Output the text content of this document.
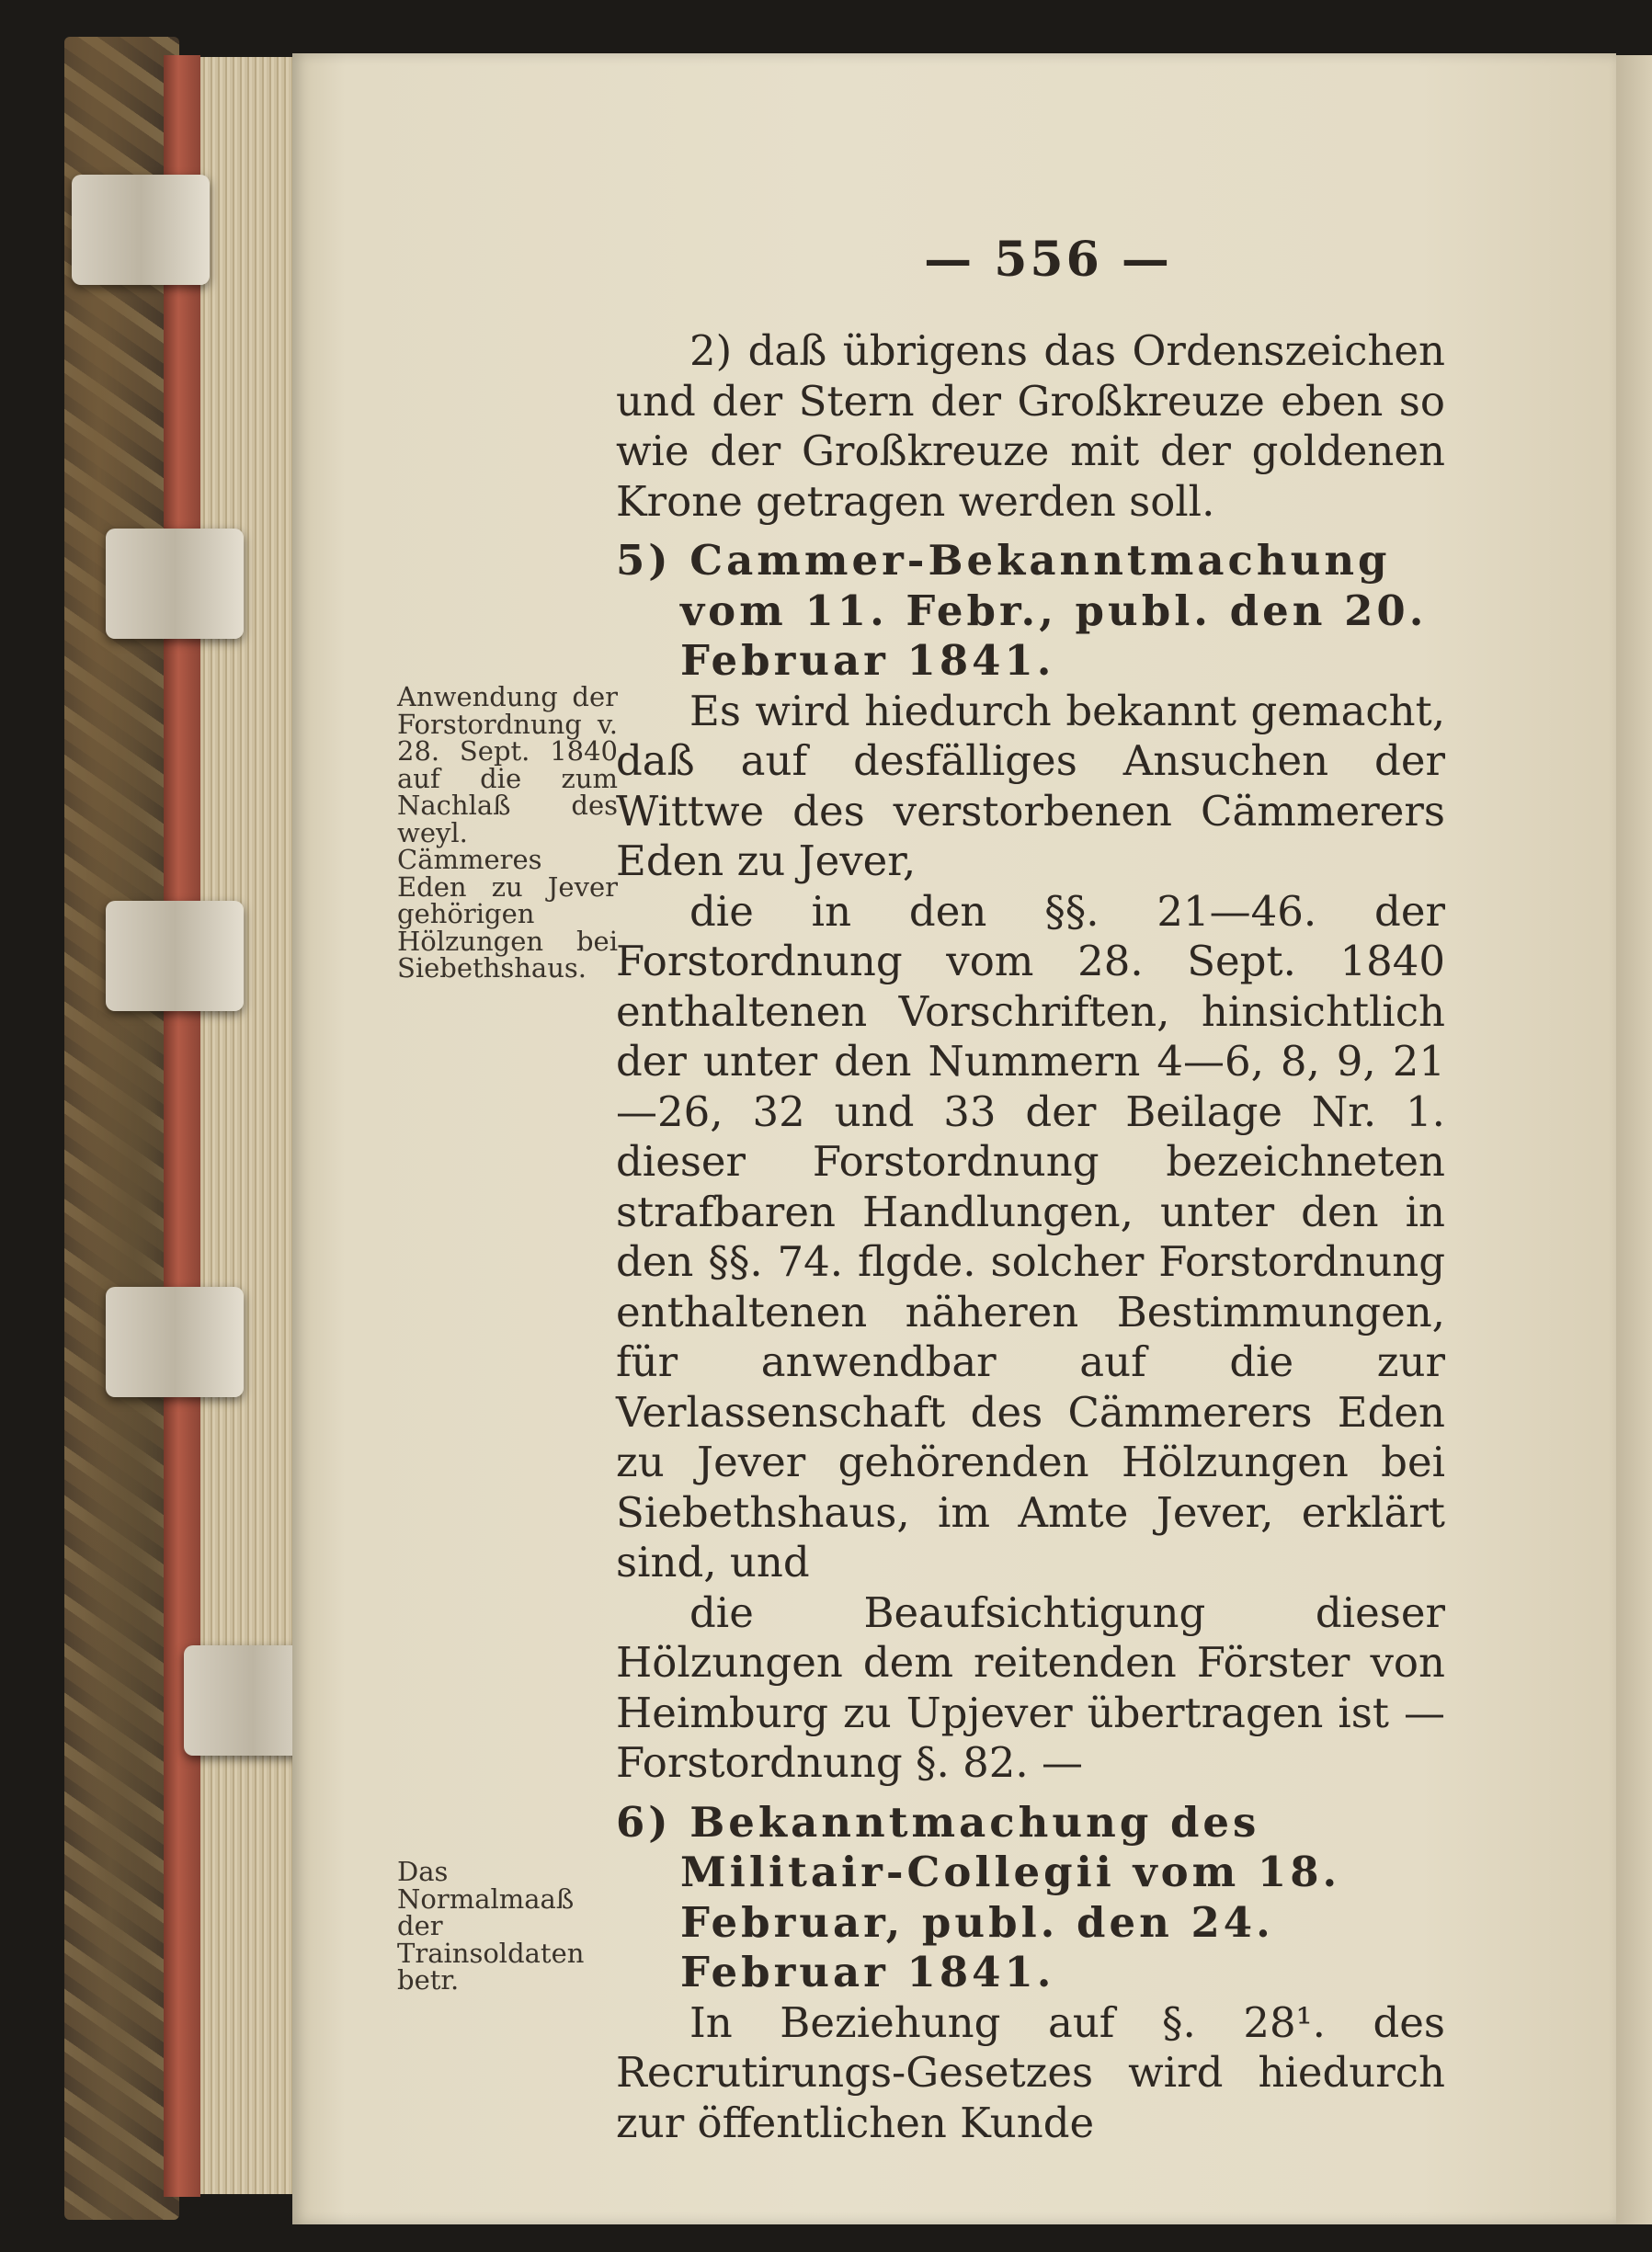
— 556 —

2) daß übrigens das Ordenszeichen und der Stern der Großkreuze eben so wie der Großkreuze mit der goldenen Krone getragen werden soll.

5) Cammer-Bekanntmachung vom 11. Febr., publ. den 20. Februar 1841.

Es wird hiedurch bekannt gemacht, daß auf desfälliges Ansuchen der Wittwe des verstorbenen Cämmerers Eden zu Jever,

die in den §§. 21—46. der Forstordnung vom 28. Sept. 1840 enthaltenen Vorschriften, hinsichtlich der unter den Nummern 4—6, 8, 9, 21—26, 32 und 33 der Beilage Nr. 1. dieser Forstordnung bezeichneten strafbaren Handlungen, unter den in den §§. 74. flgde. solcher Forstordnung enthaltenen näheren Bestimmungen, für anwendbar auf die zur Verlassenschaft des Cämmerers Eden zu Jever gehörenden Hölzungen bei Siebethshaus, im Amte Jever, erklärt sind, und

die Beaufsichtigung dieser Hölzungen dem reitenden Förster von Heimburg zu Upjever übertragen ist — Forstordnung §. 82. —

6) Bekanntmachung des Militair-Collegii vom 18. Februar, publ. den 24. Februar 1841.

In Beziehung auf §. 28¹. des Recrutirungs-Gesetzes wird hiedurch zur öffentlichen Kunde

Anwendung der Forstordnung v. 28. Sept. 1840 auf die zum Nachlaß des weyl. Cämmeres Eden zu Jever gehörigen Hölzungen bei Siebethshaus.
Das Normalmaaß der Trainsoldaten betr.
